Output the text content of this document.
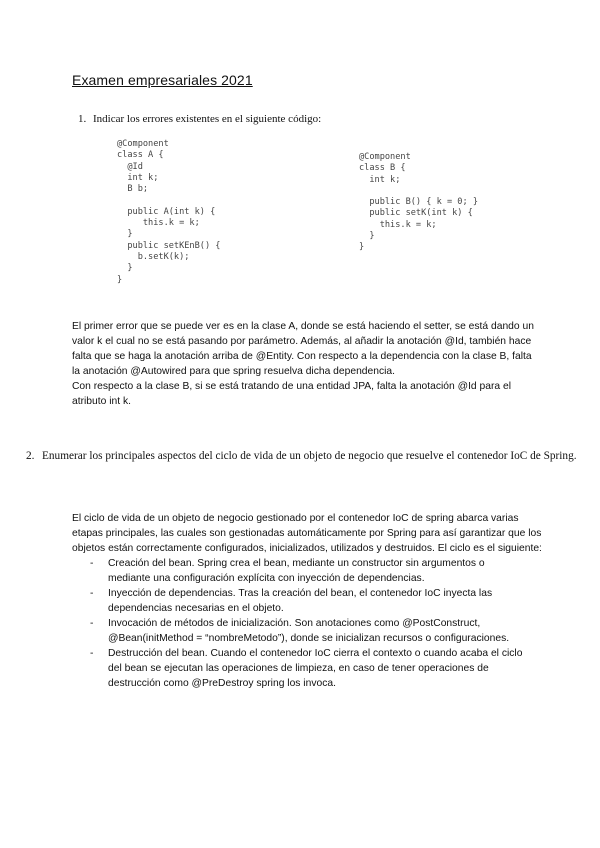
Examen empresariales 2021
1. Indicar los errores existentes en el siguiente código:
@Component
class A {
@Id
int k;
B b;

public A(int k) {
this.k = k;
}
public setKEnB() {
b.setK(k);
}
}
@Component
class B {
int k;

public B() { k = 0; }
public setK(int k) {
this.k = k;
}
}

El primer error que se puede ver es en la clase A, donde se está haciendo el setter, se está dando un valor k el cual no se está pasando por parámetro. Además, al añadir la anotación @Id, también hace falta que se haga la anotación arriba de @Entity. Con respecto a la dependencia con la clase B, falta la anotación @Autowired para que spring resuelva dicha dependencia.

Con respecto a la clase B, si se está tratando de una entidad JPA, falta la anotación @Id para el atributo int k.

2. Enumerar los principales aspectos del ciclo de vida de un objeto de negocio que resuelve el contenedor IoC de Spring.

El ciclo de vida de un objeto de negocio gestionado por el contenedor IoC de spring abarca varias etapas principales, las cuales son gestionadas automáticamente por Spring para así garantizar que los objetos están correctamente configurados, inicializados, utilizados y destruidos. El ciclo es el siguiente:

- Creación del bean. Spring crea el bean, mediante un constructor sin argumentos o mediante una configuración explícita con inyección de dependencias.
- Inyección de dependencias. Tras la creación del bean, el contenedor IoC inyecta las dependencias necesarias en el objeto.
- Invocación de métodos de inicialización. Son anotaciones como @PostConstruct, @Bean(initMethod = “nombreMetodo”), donde se inicializan recursos o configuraciones.
- Destrucción del bean. Cuando el contenedor IoC cierra el contexto o cuando acaba el ciclo del bean se ejecutan las operaciones de limpieza, en caso de tener operaciones de destrucción como @PreDestroy spring los invoca.
